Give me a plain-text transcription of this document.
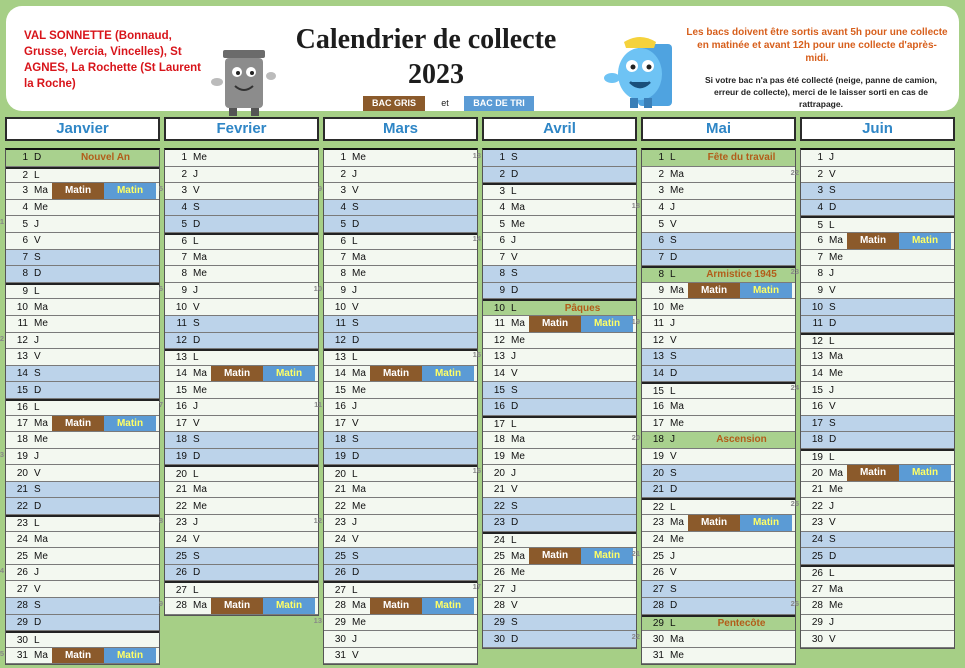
VAL SONNETTE (Bonnaud, Grusse, Vercia, Vincelles), St AGNES, La Rochette (St Laurent la Roche)
Calendrier de collecte
2023
BAC GRIS	et	BAC DE TRI
Les bacs doivent être sortis avant 5h pour une collecte en matinée et avant 12h pour une collecte d'après-midi.
Si votre bac n'a pas été collecté (neige, panne de camion, erreur de collecte), merci de le laisser sorti en cas de rattrapage.
Janvier
1 D	Nouvel An
2 L
3 Ma	Matin	Matin
4 Me
1	5 J
6 V
7 S
8 D
9 L
10 Ma
11 Me
2	12 J
13 V
14 S
15 D
16 L
17 Ma	Matin	Matin
18 Me
3	19 J
20 V
21 S
22 D
23 L
24 Ma
25 Me
4	26 J
27 V
28 S
29 D
30 L
5	31 Ma	Matin	Matin
Fevrier
1 Me
2 J
5	3 V
4 S
5 D
6 L
7 Ma
8 Me
6	9 J
10 V
11 S
12 D
13 L
14 Ma	Matin	Matin
15 Me
7	16 J
17 V
18 S
19 D
20 L
21 Ma
22 Me
8	23 J
24 V
25 S
26 D
27 L
9	28 Ma	Matin	Matin
Mars
1 Me
2 J
9	3 V
4 S
5 D
6 L
7 Ma
8 Me
10	9 J
10 V
11 S
12 D
13 L
14 Ma	Matin	Matin
15 Me
11	16 J
17 V
18 S
19 D
20 L
21 Ma
22 Me
12	23 J
24 V
25 S
26 D
27 L
28 Ma	Matin	Matin
13	29 Me
30 J
31 V
Avril
13	1 S
2 D
3 L
4 Ma
5 Me
14	6 J
7 V
8 S
9 D
10 L	Pâques
11 Ma	Matin	Matin
12 Me
15	13 J
14 V
15 S
16 D
17 L
18 Ma
19 Me
16	20 J
21 V
22 S
23 D
24 L
25 Ma	Matin	Matin
26 Me
17	27 J
28 V
29 S
30 D
Mai
1 L	Fête du travail
2 Ma
3 Me
18	4 J
5 V
6 S
7 D
8 L	Armistice 1945
9 Ma	Matin	Matin
10 Me
19	11 J
12 V
13 S
14 D
15 L
16 Ma
17 Me
20	18 J	Ascension
19 V
20 S
21 D
22 L
23 Ma	Matin	Matin
24 Me
21	25 J
26 V
27 S
28 D
29 L	Pentecôte
22	30 Ma
31 Me
Juin
1 J
22	2 V
3 S
4 D
5 L
6 Ma	Matin	Matin
7 Me
23	8 J
9 V
10 S
11 D
12 L
13 Ma
14 Me
24	15 J
16 V
17 S
18 D
19 L
20 Ma	Matin	Matin
21 Me
25	22 J
23 V
24 S
25 D
26 L
27 Ma
26	28 Me
29 J
30 V
